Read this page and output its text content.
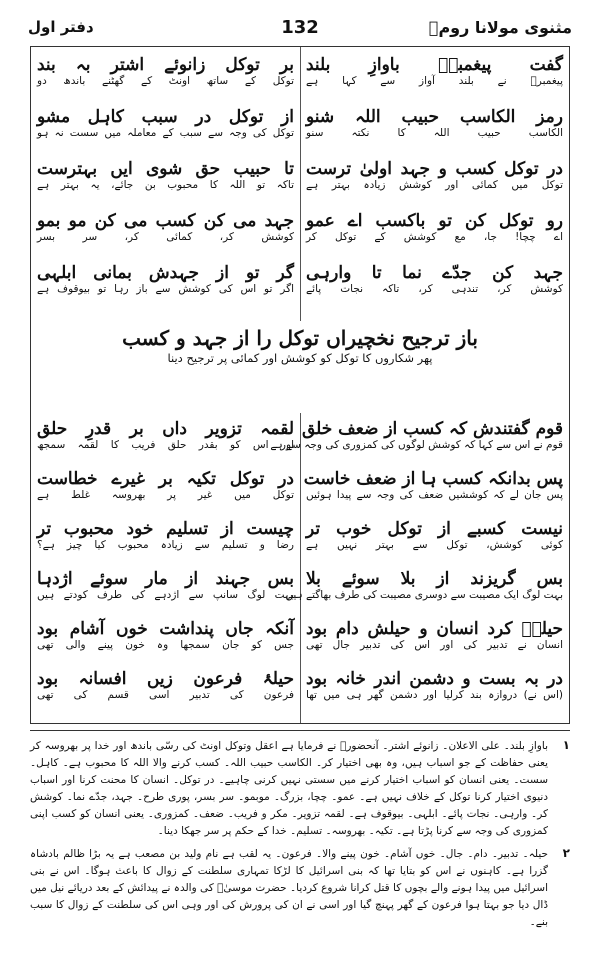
مثنوی مولانا رومؒ
132
دفتر اول
گفت پیغمبرؐ باوازِ بلند
پیغمبرؐ نے بلند آواز سے کہا ہے
رمز الکاسب حبیب اللہ شنو
الکاسب حبیب اللہ کا نکتہ سنو
در توکل کسب و جہد اولیٰ ترست
توکل میں کمائی اور کوشش زیادہ بہتر ہے
رو توکل کن تو باکسب اے عمو
اے چچا! جا، مع کوشش کے توکل کر
جہد کن جدّے نما تا وارہی
کوشش کر، تندہی کر، تاکہ نجات پائے
بر توکل زانوئے اشتر بہ بند
توکل کے ساتھ اونٹ کے گھٹنے باندھ دو
از توکل در سبب کاہل مشو
توکل کی وجہ سے سبب کے معاملہ میں سست نہ ہو
تا حبیب حق شوی ایں بہترست
تاکہ تو اللہ کا محبوب بن جائے، یہ بہتر ہے
جہد می کن کسب می کن مو بمو
کوشش کر، کمائی کر، سر بسر
گر تو از جہدش بمانی ابلہی
اگر تو اس کی کوشش سے باز رہا تو بیوقوف ہے
باز ترجیح نخچیراں توکل را از جہد و کسب
پھر شکاروں کا توکل کو کوشش اور کمائی پر ترجیح دینا
قوم گفتندش کہ کسب از ضعف خلق
قوم نے اس سے کہا کہ کوشش لوگوں کی کمزوری کی وجہ سے ہے
پس بدانکہ کسب ہا از ضعف خاست
پس جان لے کہ کوششیں ضعف کی وجہ سے پیدا ہوئیں
نیست کسبے از توکل خوب تر
کوئی کوشش، توکل سے بہتر نہیں ہے
بس گریزند از بلا سوئے بلا
بہت لوگ ایک مصیبت سے دوسری مصیبت کی طرف بھاگتے ہیں
حیلہؐ کرد انسان و حیلش دام بود
انسان نے تدبیر کی اور اس کی تدبیر جال تھی
در بہ بست و دشمن اندر خانہ بود
(اس نے) دروازہ بند کرلیا اور دشمن گھر ہی میں تھا
لقمہ تزویر داں بر قدرِ حلق
اور اس کو بقدر حلق فریب کا لقمہ سمجھ
در توکل تکیہ بر غیرے خطاست
توکل میں غیر پر بھروسہ غلط ہے
چیست از تسلیم خود محبوب تر
رضا و تسلیم سے زیادہ محبوب کیا چیز ہے؟
بس جہند از مار سوئے اژدہا
بہت لوگ سانپ سے اژدہے کی طرف کودتے ہیں
آنکہ جاں پنداشت خوں آشام بود
جس کو جان سمجھا وہ خون پینے والی تھی
حیلۂ فرعون زیں افسانہ بود
فرعون کی تدبیر اسی قسم کی تھی
۱
باوازِ بلند۔ علی الاعلان۔ زانوئے اشتر۔ آنحضورؐ نے فرمایا ہے اعقل وتوکل اونٹ کی رسّی باندھ اور خدا پر بھروسہ کر یعنی حفاظت کے جو اسباب ہیں، وہ بھی اختیار کر۔ الکاسب حبیب اللہ۔ کسب کرنے والا اللہ کا محبوب ہے۔ کاہل۔ سست۔ یعنی انسان کو اسباب اختیار کرنے میں سستی نہیں کرنی چاہیے۔ در توکل۔ انسان کا محنت کرنا اور اسباب دنیوی اختیار کرنا توکل کے خلاف نہیں ہے۔ عمو۔ چچا، بزرگ۔ موبمو۔ سر بسر، پوری طرح۔ جہد، جدّے نما۔ کوشش کر۔ وارہی۔ نجات پائے۔ ابلہی۔ بیوقوف ہے۔ لقمہ تزویر۔ مکر و فریب۔ ضعف۔ کمزوری۔ یعنی انسان کو کسب اپنی کمزوری کی وجہ سے کرنا پڑتا ہے۔ تکیہ۔ بھروسہ۔ تسلیم۔ خدا کے حکم پر سر جھکا دینا۔
۲
حیلہ۔ تدبیر۔ دام۔ جال۔ خوں آشام۔ خون پینے والا۔ فرعون۔ یہ لقب ہے نام ولید بن مصعب ہے یہ بڑا ظالم بادشاہ گزرا ہے۔ کاہنوں نے اس کو بتایا تھا کہ بنی اسرائیل کا لڑکا تمہاری سلطنت کے زوال کا باعث ہوگا۔ اس نے بنی اسرائیل میں پیدا ہونے والے بچوں کا قتل کرانا شروع کردیا۔ حضرت موسیٰؑ کی والدہ نے پیدائش کے بعد دریائے نیل میں ڈال دیا جو بہتا ہوا فرعون کے گھر پہنچ گیا اور اسی نے ان کی پرورش کی اور وہی اس کی سلطنت کے زوال کا سبب بنے۔
